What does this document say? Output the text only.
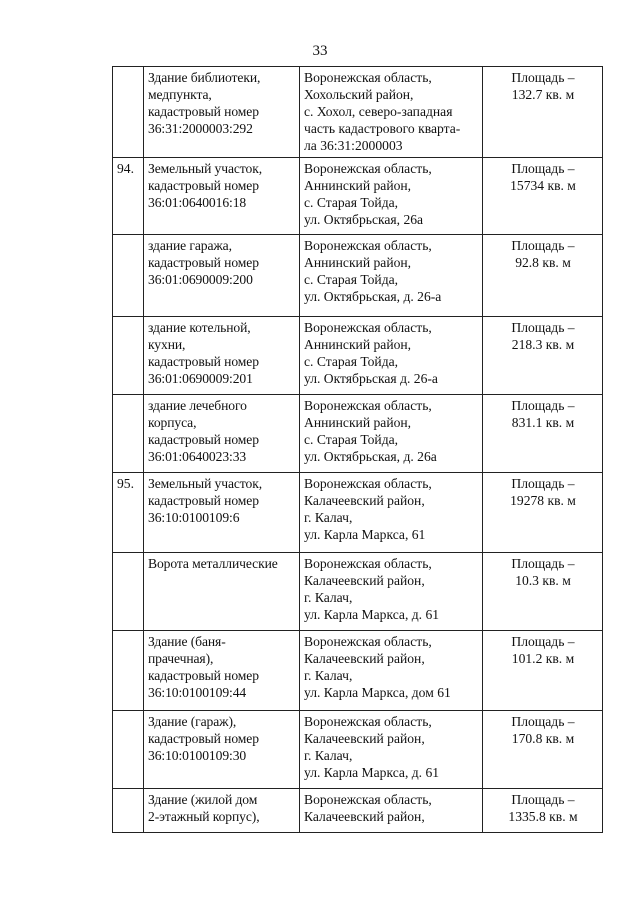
33

	Здание библиотеки,
медпункта,
кадастровый номер
36:31:2000003:292	Воронежская область,
Хохольский район,
с. Хохол, северо-западная
часть кадастрового кварта-
ла 36:31:2000003	Площадь –
132.7 кв. м

94.	Земельный участок,
кадастровый номер
36:01:0640016:18	Воронежская область,
Аннинский район,
с. Старая Тойда,
ул. Октябрьская, 26а	Площадь –
15734 кв. м

	здание гаража,
кадастровый номер
36:01:0690009:200	Воронежская область,
Аннинский район,
с. Старая Тойда,
ул. Октябрьская, д. 26-а	Площадь –
92.8 кв. м

	здание котельной,
кухни,
кадастровый номер
36:01:0690009:201	Воронежская область,
Аннинский район,
с. Старая Тойда,
ул. Октябрьская д. 26-а	Площадь –
218.3 кв. м

	здание лечебного
корпуса,
кадастровый номер
36:01:0640023:33	Воронежская область,
Аннинский район,
с. Старая Тойда,
ул. Октябрьская, д. 26а	Площадь –
831.1 кв. м

95.	Земельный участок,
кадастровый номер
36:10:0100109:6	Воронежская область,
Калачеевский район,
г. Калач,
ул. Карла Маркса, 61	Площадь –
19278 кв. м

	Ворота металлические	Воронежская область,
Калачеевский район,
г. Калач,
ул. Карла Маркса, д. 61	Площадь –
10.3 кв. м

	Здание (баня-
прачечная),
кадастровый номер
36:10:0100109:44	Воронежская область,
Калачеевский район,
г. Калач,
ул. Карла Маркса, дом 61	Площадь –
101.2 кв. м

	Здание (гараж),
кадастровый номер
36:10:0100109:30	Воронежская область,
Калачеевский район,
г. Калач,
ул. Карла Маркса, д. 61	Площадь –
170.8 кв. м

	Здание (жилой дом
2-этажный корпус),	Воронежская область,
Калачеевский район,	Площадь –
1335.8 кв. м
